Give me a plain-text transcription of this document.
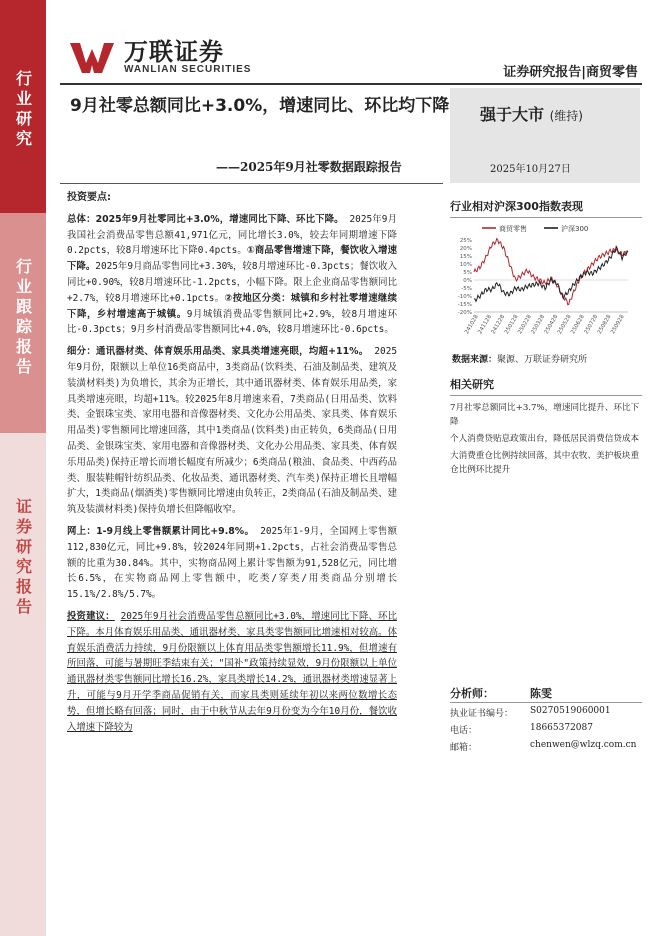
行业研究
行业跟踪报告
证券研究报告
万联证券
WANLIAN SECURITIES	证券研究报告|商贸零售
9月社零总额同比+3.0%，增速同比、环比均下降
——2025年9月社零数据跟踪报告
强于大市 (维持)
2025年10月27日
投资要点:

总体：2025年9月社零同比+3.0%，增速同比下降、环比下降。 2025年9月我国社会消费品零售总额41,971亿元，同比增长3.0%，较去年同期增速下降0.2pcts，较8月增速环比下降0.4pcts。①商品零售增速下降，餐饮收入增速下降。2025年9月商品零售同比+3.30%，较8月增速环比-0.3pcts；餐饮收入同比+0.90%，较8月增速环比-1.2pcts，小幅下降。限上企业商品零售额同比+2.7%，较8月增速环比+0.1pcts。②按地区分类：城镇和乡村社零增速继续下降，乡村增速高于城镇。9月城镇消费品零售额同比+2.9%，较8月增速环比-0.3pcts；9月乡村消费品零售额同比+4.0%，较8月增速环比-0.6pcts。

细分：通讯器材类、体育娱乐用品类、家具类增速亮眼，均超+11%。 2025年9月份，限额以上单位16类商品中，3类商品(饮料类、石油及制品类、建筑及装潢材料类)为负增长，其余为正增长，其中通讯器材类、体育娱乐用品类，家具类增速亮眼，均超+11%。较2025年8月增速来看，7类商品(日用品类、饮料类、金银珠宝类、家用电器和音像器材类、文化办公用品类、家具类、体育娱乐用品类)零售额同比增速回落，其中1类商品(饮料类)由正转负，6类商品(日用品类、金银珠宝类、家用电器和音像器材类、文化办公用品类、家具类、体育娱乐用品类)保持正增长而增长幅度有所减少；6类商品(粮油、食品类、中西药品类、服装鞋帽针纺织品类、化妆品类、通讯器材类、汽车类)保持正增长且增幅扩大，1类商品(烟酒类)零售额同比增速由负转正，2类商品(石油及制品类、建筑及装潢材料类)保持负增长但降幅收窄。

网上：1-9月线上零售额累计同比+9.8%。 2025年1-9月，全国网上零售额112,830亿元，同比+9.8%，较2024年同期+1.2pcts，占社会消费品零售总额的比重为30.84%。其中，实物商品网上累计零售额为91,528亿元，同比增长6.5%，在实物商品网上零售额中，吃类/穿类/用类商品分别增长15.1%/2.8%/5.7%。

投资建议： 2025年9月社会消费品零售总额同比+3.0%，增速同比下降、环比下降。本月体育娱乐用品类、通讯器材类、家具类零售额同比增速相对较高。体育娱乐消费活力持续，9月份限额以上体育用品类零售额增长11.9%，但增速有所回落，可能与暑期旺季结束有关；"国补"政策持续显效，9月份限额以上单位通讯器材类零售额同比增长16.2%，家具类增长14.2%，通讯器材类增速显著上升，可能与9月开学季商品促销有关，而家具类则延续年初以来两位数增长态势，但增长略有回落；同时，由于中秋节从去年9月份变为今年10月份，餐饮收入增速下降较为

行业相对沪深300指数表现
商贸零售	沪深300
25%
20%
15%
10%
5%
0%
-5%
-10%
-15%
-20%
241028
241128
241228
250128
250228
250328
250428
250528
250628
250728
250828
250928
数据来源：聚源、万联证券研究所
相关研究
7月社零总额同比+3.7%，增速同比提升、环比下降
个人消费贷贴息政策出台，降低居民消费信贷成本
大消费重仓比例持续回落，其中农牧、美护板块重仓比例环比提升
分析师：	陈雯
执业证书编号： S0270519060001
电话：	18665372087
邮箱：	chenwen@wlzq.com.cn
